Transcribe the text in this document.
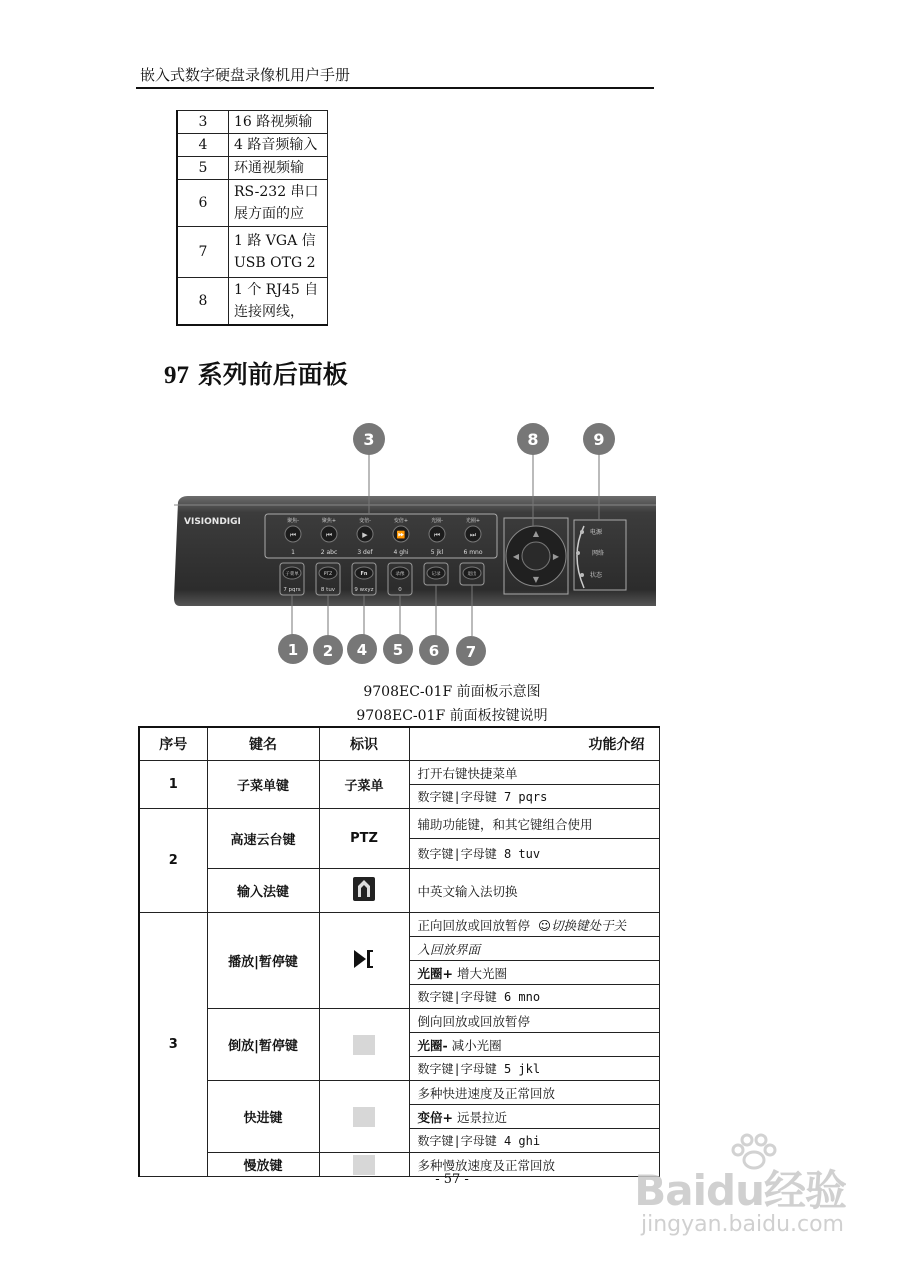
嵌入式数字硬盘录像机用户手册
3	16 路视频输
4	4 路音频输入
5	环通视频输
6	RS-232 串口
展方面的应

7	1 路 VGA 信
USB OTG 2

8	1 个 RJ45 自
连接网线，
97 系列前后面板
VISIONDIGI	聚焦-
⏮
1
聚焦+
⏮
2 abc
变倍-
▶
3 def
变倍+
⏩
4 ghi
光圈-
⏮
5 jkl
光圈+
⏭
6 mno
子菜单
7 pqrs
PTZ
8 tuv
Fn
9 wxyz
录像
0
记录	退出
▲
▼
◀	▶
电源
网络
状态
3	8	9
1 2 4 5 6 7
9708EC-01F 前面板示意图
9708EC-01F 前面板按键说明
序号	键名	标识	功能介绍
1	子菜单键	子菜单	打开右键快捷菜单
			数字键|字母键 7 pqrs
2	高速云台键	PTZ	辅助功能键，和其它键组合使用
			数字键|字母键 8 tuv
	输入法键		中英文输入法切换
3	播放|暂停键		正向回放或回放暂停 ☺切换键处于关
			入回放界面
			光圈+ 增大光圈
			数字键|字母键 6 mno
	倒放|暂停键		倒向回放或回放暂停
			光圈- 减小光圈
			数字键|字母键 5 jkl
	快进键		多种快进速度及正常回放
			变倍+ 远景拉近
			数字键|字母键 4 ghi
	慢放键		多种慢放速度及正常回放
- 57 -	Baidu经验
jingyan.baidu.com
